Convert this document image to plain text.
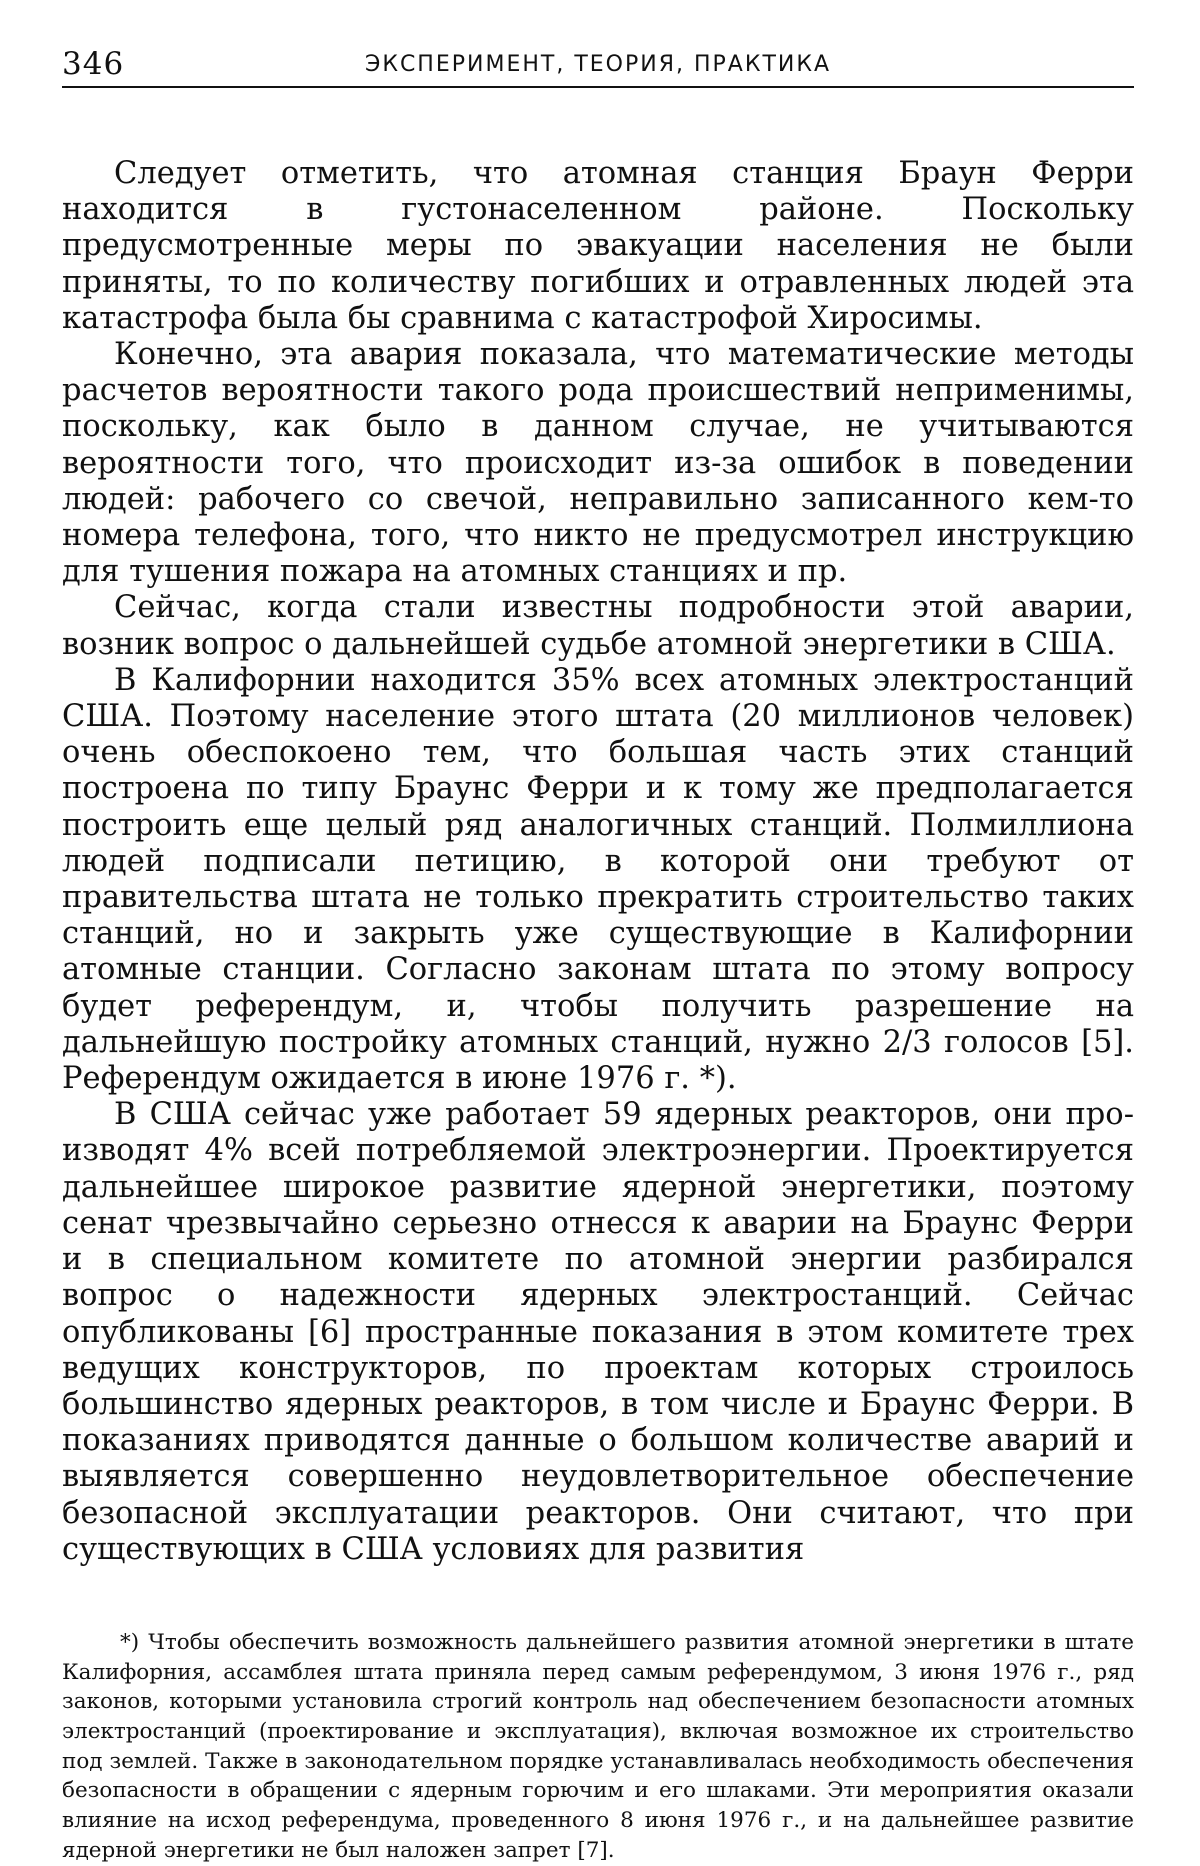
346	ЭКСПЕРИМЕНТ, ТЕОРИЯ, ПРАКТИКА

Следует отметить, что атомная станция Браун Ферри находится в густонаселенном районе. Поскольку предусмотренные меры по эвакуации населения не были приняты, то по количеству погибших и отравленных людей эта катастрофа была бы сравнима с катастрофой Хиросимы.

Конечно, эта авария показала, что математические методы расчетов вероятности такого рода происшествий неприменимы, поскольку, как было в данном случае, не учитываются вероятности того, что происходит из-за ошибок в поведении людей: рабочего со свечой, неправильно записанного кем-то номера телефона, того, что никто не предусмотрел инструкцию для тушения пожара на атомных станциях и пр.

Сейчас, когда стали известны подробности этой аварии, возник вопрос о дальнейшей судьбе атомной энергетики в США.

В Калифорнии находится 35% всех атомных электростанций США. Поэтому население этого штата (20 миллионов человек) очень обеспокоено тем, что большая часть этих станций построена по типу Браунс Ферри и к тому же предполагается построить еще целый ряд аналогичных станций. Полмиллиона людей подписали петицию, в которой они требуют от правительства штата не только прекратить строительство таких станций, но и закрыть уже существующие в Калифорнии атомные станции. Согласно законам штата по этому вопросу будет референдум, и, чтобы получить разрешение на дальнейшую постройку атомных станций, нужно 2/3 голосов [5]. Референдум ожидается в июне 1976 г. *).

В США сейчас уже работает 59 ядерных реакторов, они производят 4% всей потребляемой электроэнергии. Проектируется дальнейшее широкое развитие ядерной энергетики, поэтому сенат чрезвычайно серьезно отнесся к аварии на Браунс Ферри и в специальном комитете по атомной энергии разбирался вопрос о надежности ядерных электростанций. Сейчас опубликованы [6] пространные показания в этом комитете трех ведущих конструкторов, по проектам которых строилось большинство ядерных реакторов, в том числе и Браунс Ферри. В показаниях приводятся данные о большом количестве аварий и выявляется совершенно неудовлетворительное обеспечение безопасной эксплуатации реакторов. Они считают, что при существующих в США условиях для развития

*) Чтобы обеспечить возможность дальнейшего развития атомной энергетики в штате Калифорния, ассамблея штата приняла перед самым референдумом, 3 июня 1976 г., ряд законов, которыми установила строгий контроль над обеспечением безопасности атомных электростанций (проектирование и эксплуатация), включая возможное их строительство под землей. Также в законодательном порядке устанавливалась необходимость обеспечения безопасности в обращении с ядерным горючим и его шлаками. Эти мероприятия оказали влияние на исход референдума, проведенного 8 июня 1976 г., и на дальнейшее развитие ядерной энергетики не был наложен запрет [7].
